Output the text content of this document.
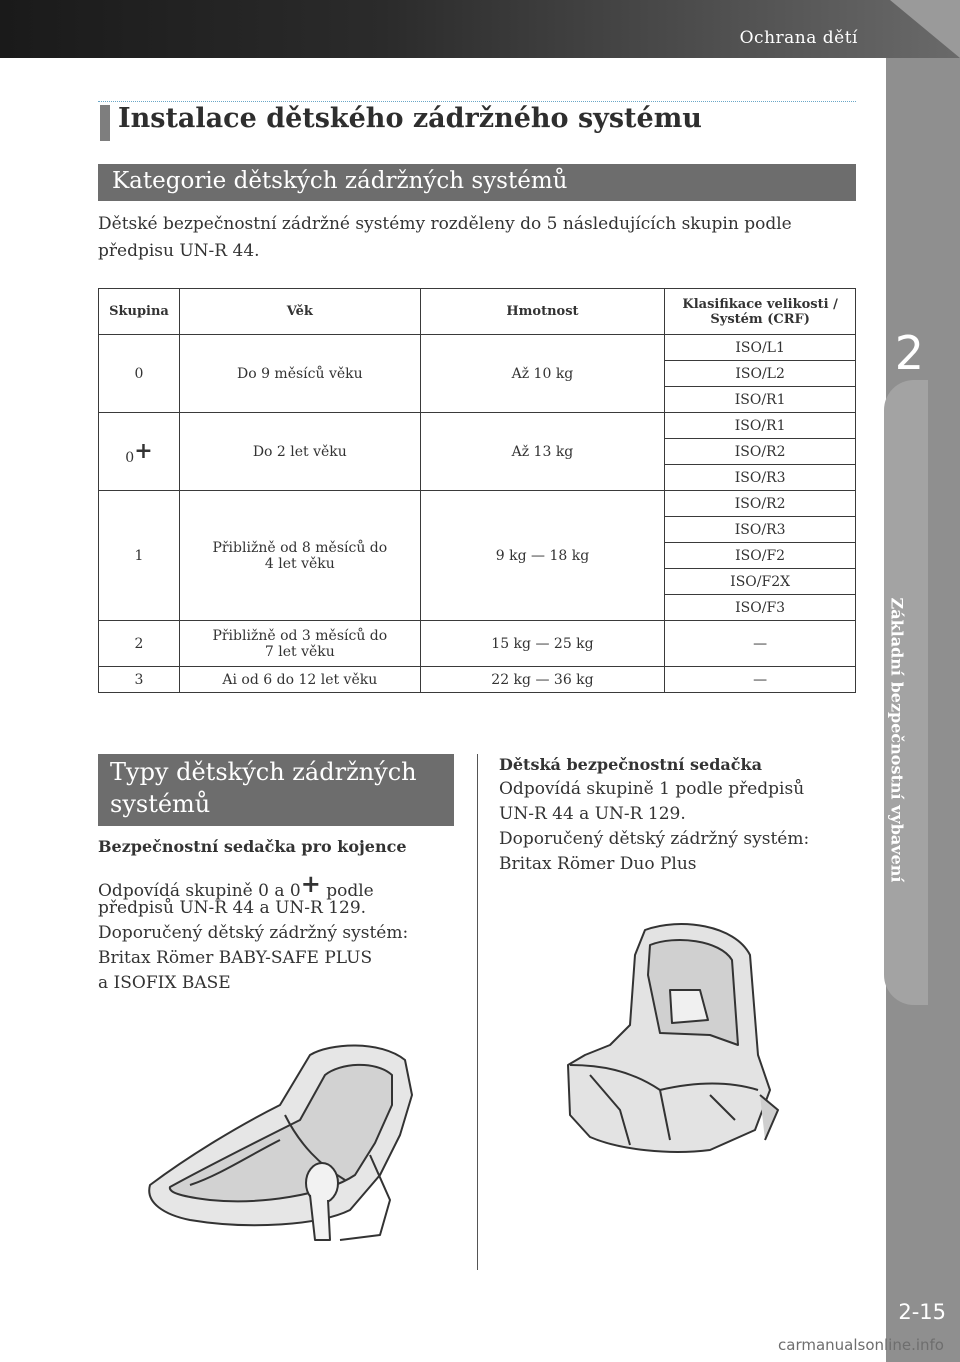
Ochrana dětí
2
Základní bezpečnostní vybavení
2-15
carmanualsonline.info
Instalace dětského zádržného systému
Kategorie dětských zádržných systémů
Dětské bezpečnostní zádržné systémy rozděleny do 5 následujících skupin podle předpisu UN-R 44.
Skupina	Věk	Hmotnost	Klasifikace velikosti / Systém (CRF)
0	Do 9 měsíců věku	Až 10 kg	ISO/L1
			ISO/L2
			ISO/R1
0+	Do 2 let věku	Až 13 kg	ISO/R1
			ISO/R2
			ISO/R3
1	Přibližně od 8 měsíců do 4 let věku	9 kg — 18 kg	ISO/R2
			ISO/R3
			ISO/F2
			ISO/F2X
			ISO/F3
2	Přibližně od 3 měsíců do 7 let věku	15 kg — 25 kg	—
3	Ai od 6 do 12 let věku	22 kg — 36 kg	—
Typy dětských zádržných systémů
Bezpečnostní sedačka pro kojence
Odpovídá skupině 0 a 0+ podle
předpisů UN-R 44 a UN-R 129.
Doporučený dětský zádržný systém:
Britax Römer BABY-SAFE PLUS
a ISOFIX BASE
Dětská bezpečnostní sedačka
Odpovídá skupině 1 podle předpisů
UN-R 44 a UN-R 129.
Doporučený dětský zádržný systém:
Britax Römer Duo Plus
